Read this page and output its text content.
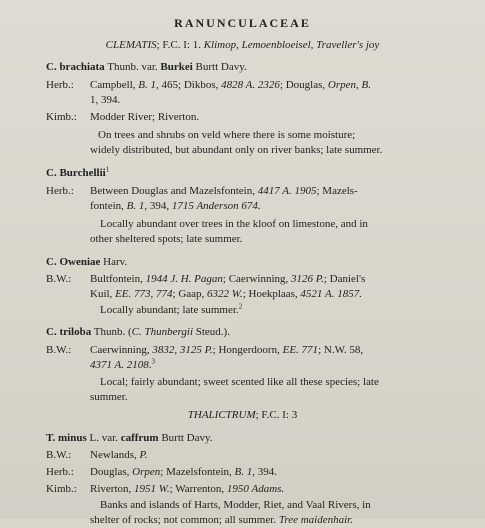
RANUNCULACEAE
CLEMATIS; F.C. I: 1. Klimop, Lemoenbloeisel, Traveller's joy
C. brachiata Thunb. var. Burkei Burtt Davy.
Herb.: Campbell, B. 1, 465; Dikbos, 4828 A. 2326; Douglas, Orpen, B.
1, 394.
Kimb.: Modder River; Riverton.
On trees and shrubs on veld where there is some moisture;
widely distributed, but abundant only on river banks; late summer.
C. Burchellii$^1$
Herb.: Between Douglas and Mazelsfontein, 4417 A. 1905; Mazels-
fontein, B. 1, 394, 1715 Anderson 674.
Locally abundant over trees in the kloof on limestone, and in
other sheltered spots; late summer.
C. Oweniae Harv.
B.W.: Bultfontein, 1944 J. H. Pagan; Caerwinning, 3126 P.; Daniel's
Kuil, EE. 773, 774; Gaap, 6322 W.; Hoekplaas, 4521 A. 1857.
Locally abundant; late summer.$^2$
C. triloba Thunb. (C. Thunbergii Steud.).
B.W.: Caerwinning, 3832, 3125 P.; Hongerdoorn, EE. 771; N.W. 58,
4371 A. 2108.$^3$
Local; fairly abundant; sweet scented like all these species; late
summer.
THALICTRUM; F.C. I: 3
T. minus L. var. caffrum Burtt Davy.
B.W.: Newlands, P.
Herb.: Douglas, Orpen; Mazelsfontein, B. 1, 394.
Kimb.: Riverton, 1951 W.; Warrenton, 1950 Adams.
Banks and islands of Harts, Modder, Riet, and Vaal Rivers, in
shelter of rocks; not common; all summer. Tree maidenhair.
